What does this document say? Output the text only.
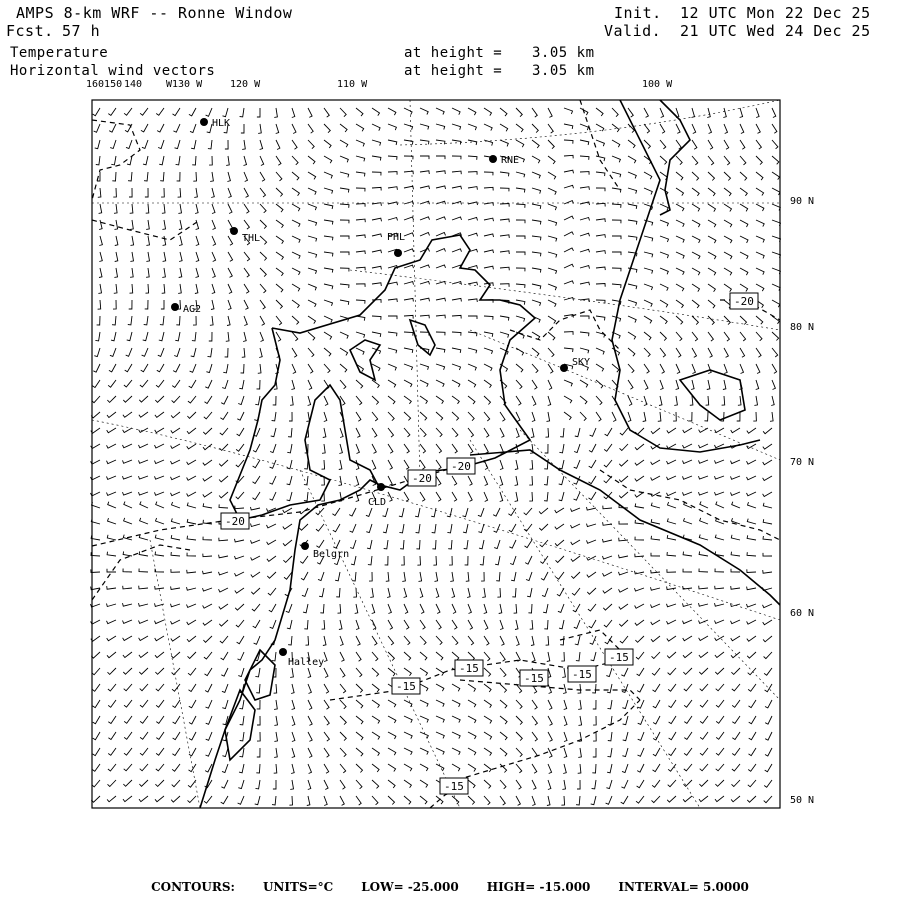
AMPS 8-km WRF -- Ronne Window
Fcst. 57 h
Init. 12 UTC Mon 22 Dec 25
Valid. 21 UTC Wed 24 Dec 25
Temperature	at height = 3.05 km
Horizontal wind vectors	at height = 3.05 km
160150 140 W130 W	120 W	110 W	100 W
90 N
80 N
70 N
60 N
50 N
HLK
RNE
THL	PHL
AG2
SKY
CLD
Belgrn
Halley
-20
-20
-20
-20
-15
-15
-15	-15
-15
-15
CONTOURS: UNITS=°C LOW= -25.000 HIGH= -15.000 INTERVAL= 5.0000
